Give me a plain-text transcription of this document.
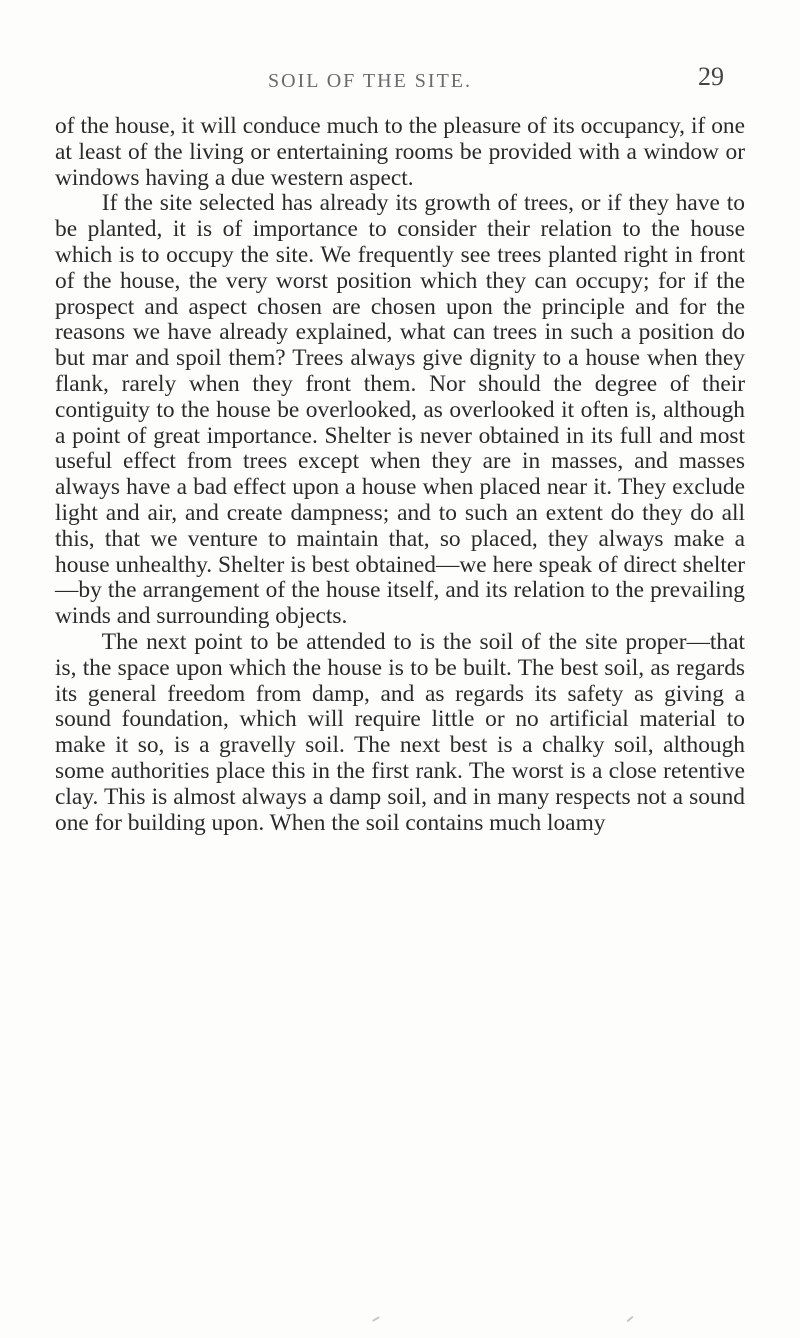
SOIL OF THE SITE.	29

of the house, it will conduce much to the pleasure of its occupancy, if one at least of the living or entertaining rooms be provided with a window or windows having a due western aspect.

If the site selected has already its growth of trees, or if they have to be planted, it is of importance to consider their relation to the house which is to occupy the site. We frequently see trees planted right in front of the house, the very worst position which they can occupy; for if the prospect and aspect chosen are chosen upon the principle and for the reasons we have already explained, what can trees in such a position do but mar and spoil them? Trees always give dignity to a house when they flank, rarely when they front them. Nor should the degree of their contiguity to the house be overlooked, as overlooked it often is, although a point of great importance. Shelter is never obtained in its full and most useful effect from trees except when they are in masses, and masses always have a bad effect upon a house when placed near it. They exclude light and air, and create dampness; and to such an extent do they do all this, that we venture to maintain that, so placed, they always make a house unhealthy. Shelter is best obtained—we here speak of direct shelter—by the arrangement of the house itself, and its relation to the prevailing winds and surrounding objects.

The next point to be attended to is the soil of the site proper—that is, the space upon which the house is to be built. The best soil, as regards its general freedom from damp, and as regards its safety as giving a sound foundation, which will require little or no artificial material to make it so, is a gravelly soil. The next best is a chalky soil, although some authorities place this in the first rank. The worst is a close retentive clay. This is almost always a damp soil, and in many respects not a sound one for building upon. When the soil contains much loamy
